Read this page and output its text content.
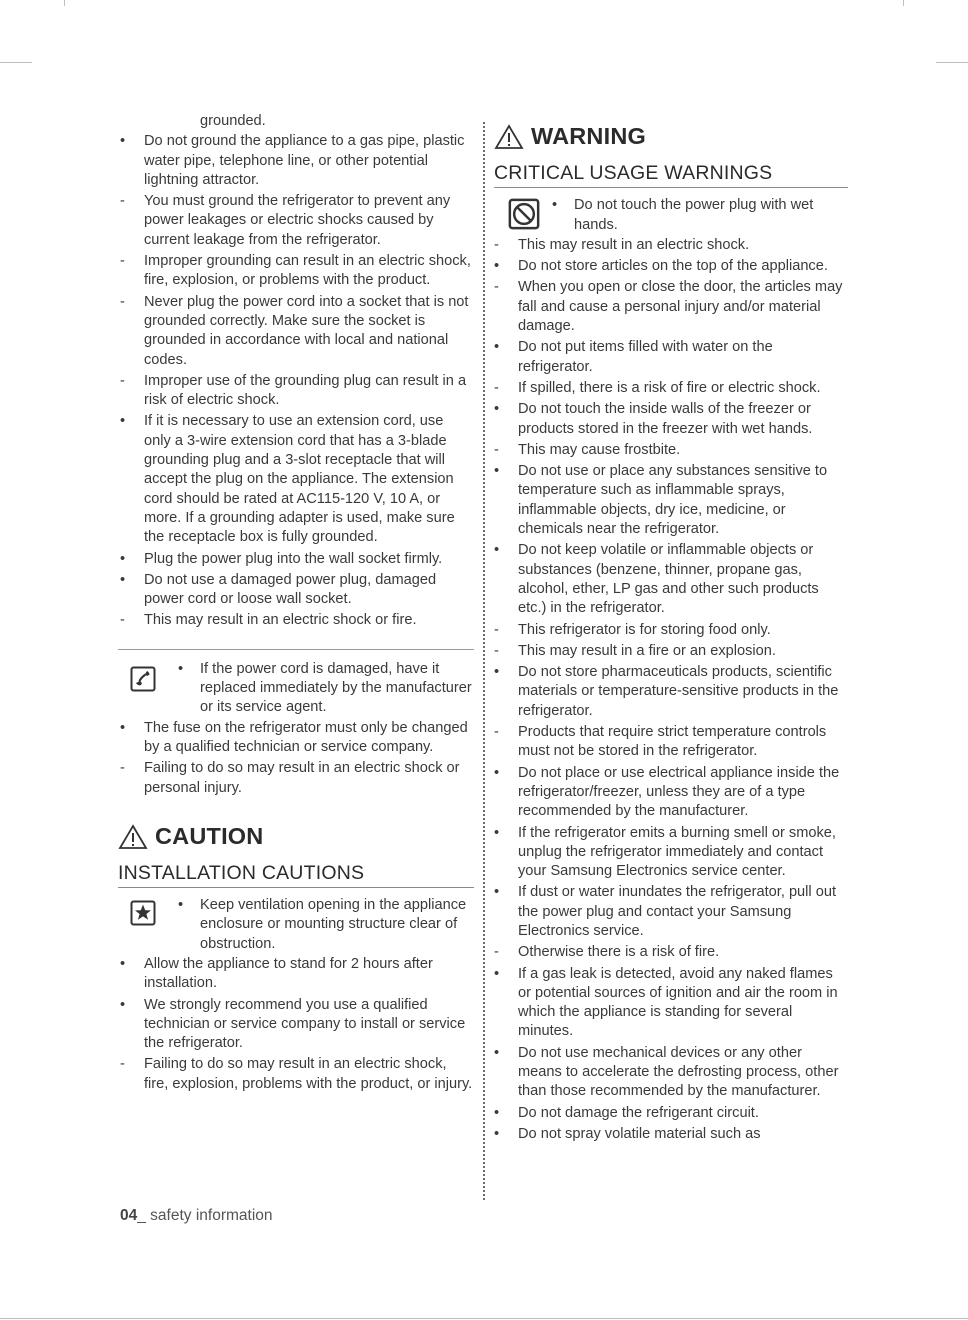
grounded.
•	Do not ground the appliance to a gas pipe, plastic water pipe, telephone line, or other potential lightning attractor.
-	You must ground the refrigerator to prevent any power leakages or electric shocks caused by current leakage from the refrigerator.
-	Improper grounding can result in an electric shock, fire, explosion, or problems with the product.
-	Never plug the power cord into a socket that is not grounded correctly. Make sure the socket is grounded in accordance with local and national codes.
-	Improper use of the grounding plug can result in a risk of electric shock.
•	If it is necessary to use an extension cord, use only a 3-wire extension cord that has a 3-blade grounding plug and a 3-slot receptacle that will accept the plug on the appliance. The extension cord should be rated at AC115-120 V, 10 A, or more. If a grounding adapter is used, make sure the receptacle box is fully grounded.
•	Plug the power plug into the wall socket firmly.
•	Do not use a damaged power plug, damaged power cord or loose wall socket.
-	This may result in an electric shock or fire.
• If the power cord is damaged, have it replaced immediately by the manufacturer or its service agent.
•	The fuse on the refrigerator must only be changed by a qualified technician or service company.
-	Failing to do so may result in an electric shock or personal injury.
CAUTION
INSTALLATION CAUTIONS
• Keep ventilation opening in the appliance enclosure or mounting structure clear of obstruction.
•	Allow the appliance to stand for 2 hours after installation.
•	We strongly recommend you use a qualified technician or service company to install or service the refrigerator.
-	Failing to do so may result in an electric shock, fire, explosion, problems with the product, or injury.
WARNING
CRITICAL USAGE WARNINGS
• Do not touch the power plug with wet hands.
-	This may result in an electric shock.
•	Do not store articles on the top of the appliance.
-	When you open or close the door, the articles may fall and cause a personal injury and/or material damage.
•	Do not put items filled with water on the refrigerator.
-	If spilled, there is a risk of fire or electric shock.
•	Do not touch the inside walls of the freezer or products stored in the freezer with wet hands.
-	This may cause frostbite.
•	Do not use or place any substances sensitive to temperature such as inflammable sprays, inflammable objects, dry ice, medicine, or chemicals near the refrigerator.
•	Do not keep volatile or inflammable objects or substances (benzene, thinner, propane gas, alcohol, ether, LP gas and other such products etc.) in the refrigerator.
-	This refrigerator is for storing food only.
-	This may result in a fire or an explosion.
•	Do not store pharmaceuticals products, scientific materials or temperature-sensitive products in the refrigerator.
-	Products that require strict temperature controls must not be stored in the refrigerator.
•	Do not place or use electrical appliance inside the refrigerator/freezer, unless they are of a type recommended by the manufacturer.
•	If the refrigerator emits a burning smell or smoke, unplug the refrigerator immediately and contact your Samsung Electronics service center.
•	If dust or water inundates the refrigerator, pull out the power plug and contact your Samsung Electronics service.
-	Otherwise there is a risk of fire.
•	If a gas leak is detected, avoid any naked flames or potential sources of ignition and air the room in which the appliance is standing for several minutes.
•	Do not use mechanical devices or any other means to accelerate the defrosting process, other than those recommended by the manufacturer.
•	Do not damage the refrigerant circuit.
•	Do not spray volatile material such as
04_ safety information
